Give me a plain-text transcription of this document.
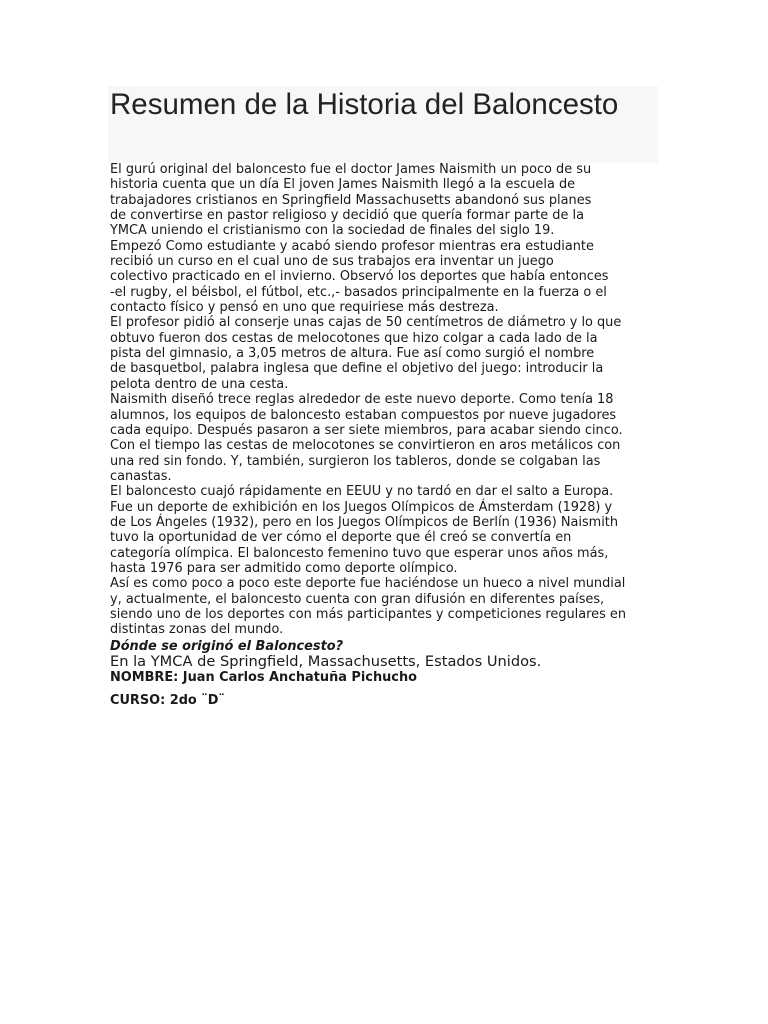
Resumen de la Historia del Baloncesto
El gurú original del baloncesto fue el doctor James Naismith un poco de su
historia cuenta que un día El joven James Naismith llegó a la escuela de
trabajadores cristianos en Springfield Massachusetts abandonó sus planes
de convertirse en pastor religioso y decidió que quería formar parte de la
YMCA uniendo el cristianismo con la sociedad de finales del siglo 19.
Empezó Como estudiante y acabó siendo profesor mientras era estudiante
recibió un curso en el cual uno de sus trabajos era inventar un juego
colectivo practicado en el invierno. Observó los deportes que había entonces
-el rugby, el béisbol, el fútbol, etc.,- basados principalmente en la fuerza o el
contacto físico y pensó en uno que requiriese más destreza.
El profesor pidió al conserje unas cajas de 50 centímetros de diámetro y lo que
obtuvo fueron dos cestas de melocotones que hizo colgar a cada lado de la
pista del gimnasio, a 3,05 metros de altura. Fue así como surgió el nombre
de basquetbol, palabra inglesa que define el objetivo del juego: introducir la
pelota dentro de una cesta.
Naismith diseñó trece reglas alrededor de este nuevo deporte. Como tenía 18
alumnos, los equipos de baloncesto estaban compuestos por nueve jugadores
cada equipo. Después pasaron a ser siete miembros, para acabar siendo cinco.
Con el tiempo las cestas de melocotones se convirtieron en aros metálicos con
una red sin fondo. Y, también, surgieron los tableros, donde se colgaban las
canastas.
El baloncesto cuajó rápidamente en EEUU y no tardó en dar el salto a Europa.
Fue un deporte de exhibición en los Juegos Olímpicos de Ámsterdam (1928) y
de Los Ángeles (1932), pero en los Juegos Olímpicos de Berlín (1936) Naismith
tuvo la oportunidad de ver cómo el deporte que él creó se convertía en
categoría olímpica. El baloncesto femenino tuvo que esperar unos años más,
hasta 1976 para ser admitido como deporte olímpico.
Así es como poco a poco este deporte fue haciéndose un hueco a nivel mundial
y, actualmente, el baloncesto cuenta con gran difusión en diferentes países,
siendo uno de los deportes con más participantes y competiciones regulares en
distintas zonas del mundo.
Dónde se originó el Baloncesto?
En la YMCA de Springfield, Massachusetts, Estados Unidos.
NOMBRE: Juan Carlos Anchatuña Pichucho
CURSO: 2do ¨D¨
